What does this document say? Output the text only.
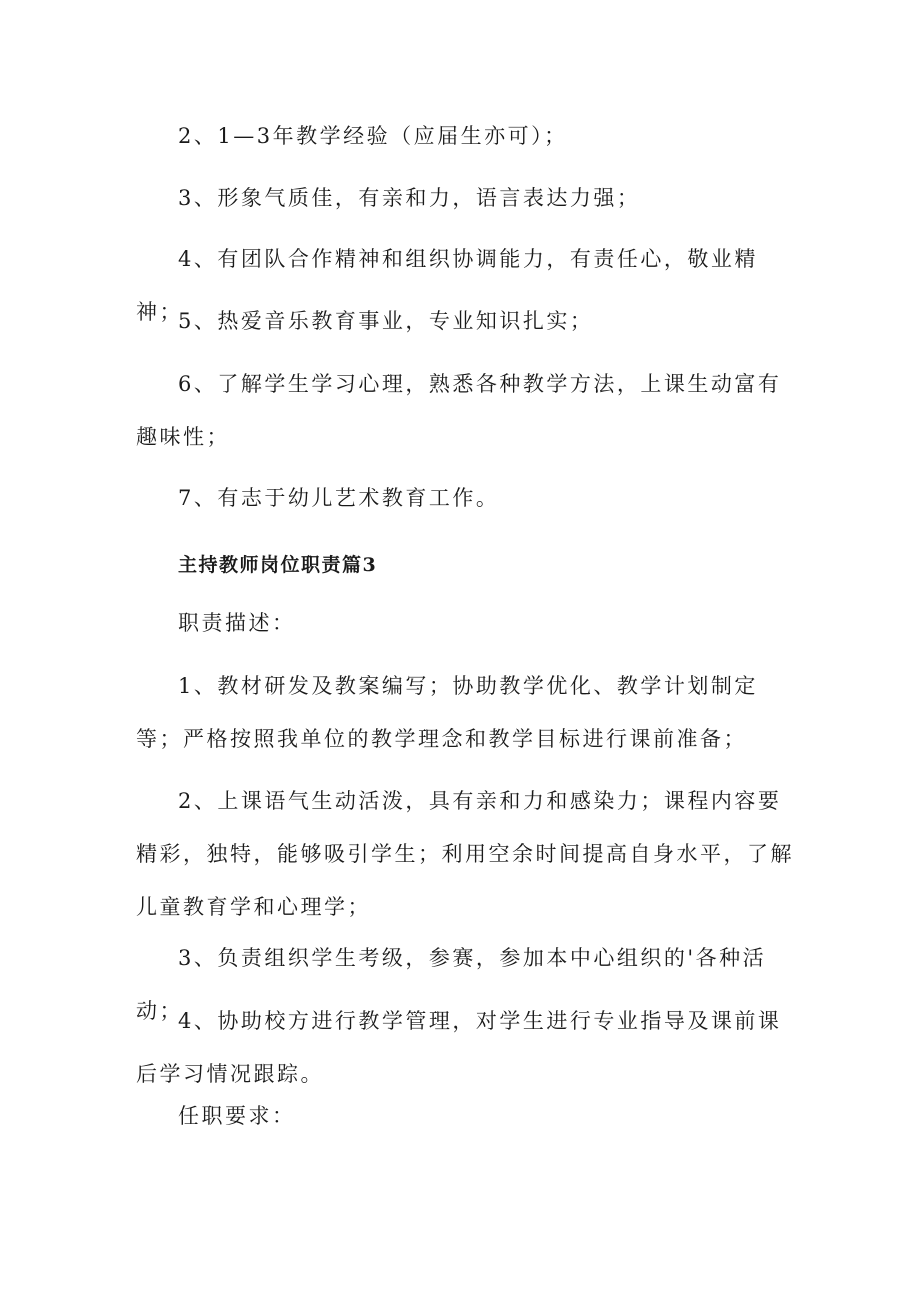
2、1—3年教学经验（应届生亦可）；

3、形象气质佳，有亲和力，语言表达力强；

4、有团队合作精神和组织协调能力，有责任心，敬业精神；

5、热爱音乐教育事业，专业知识扎实；

6、了解学生学习心理，熟悉各种教学方法，上课生动富有趣味性；

7、有志于幼儿艺术教育工作。

主持教师岗位职责篇3

职责描述：

1、教材研发及教案编写；协助教学优化、教学计划制定等；严格按照我单位的教学理念和教学目标进行课前准备；

2、上课语气生动活泼，具有亲和力和感染力；课程内容要精彩，独特，能够吸引学生；利用空余时间提高自身水平，了解儿童教育学和心理学；

3、负责组织学生考级，参赛，参加本中心组织的'各种活动；

4、协助校方进行教学管理，对学生进行专业指导及课前课后学习情况跟踪。

任职要求：
